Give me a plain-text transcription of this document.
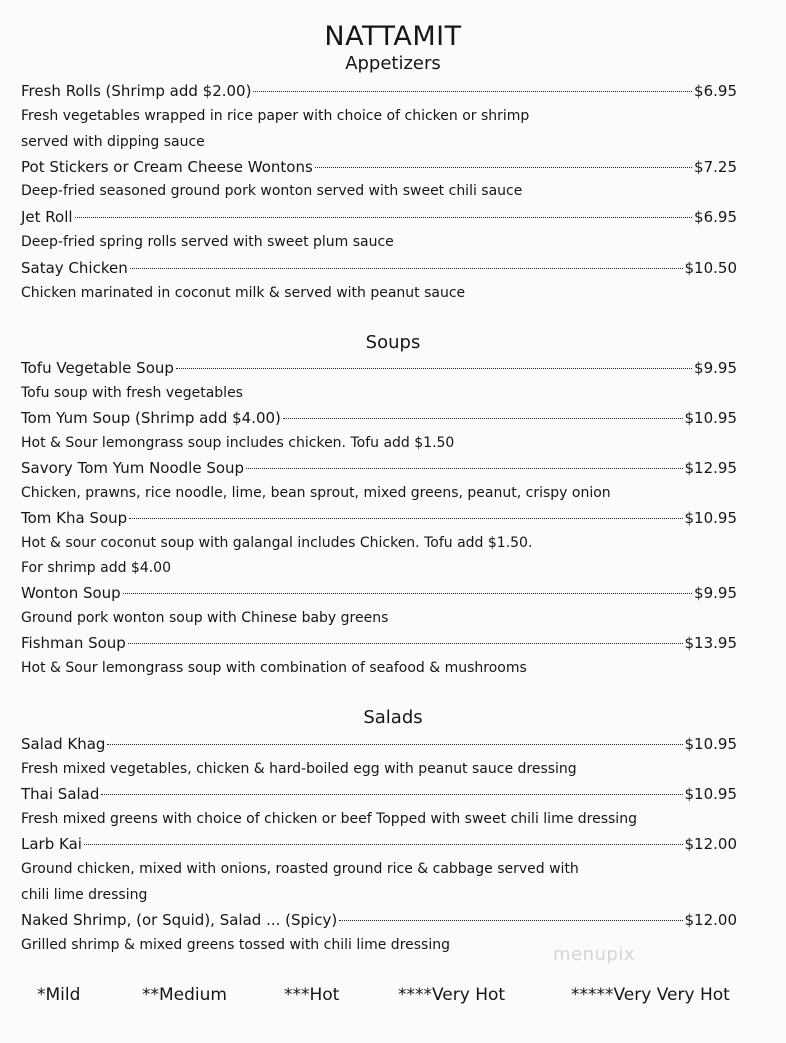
NATTAMIT
Appetizers
Fresh Rolls (Shrimp add $2.00)	$6.95
Fresh vegetables wrapped in rice paper with choice of chicken or shrimp
served with dipping sauce
Pot Stickers or Cream Cheese Wontons	$7.25
Deep-fried seasoned ground pork wonton served with sweet chili sauce
Jet Roll	$6.95
Deep-fried spring rolls served with sweet plum sauce
Satay Chicken	$10.50
Chicken marinated in coconut milk & served with peanut sauce
Soups
Tofu Vegetable Soup	$9.95
Tofu soup with fresh vegetables
Tom Yum Soup (Shrimp add $4.00)	$10.95
Hot & Sour lemongrass soup includes chicken. Tofu add $1.50
Savory Tom Yum Noodle Soup	$12.95
Chicken, prawns, rice noodle, lime, bean sprout, mixed greens, peanut, crispy onion
Tom Kha Soup	$10.95
Hot & sour coconut soup with galangal includes Chicken. Tofu add $1.50.
For shrimp add $4.00
Wonton Soup	$9.95
Ground pork wonton soup with Chinese baby greens
Fishman Soup	$13.95
Hot & Sour lemongrass soup with combination of seafood & mushrooms
Salads
Salad Khag	$10.95
Fresh mixed vegetables, chicken & hard-boiled egg with peanut sauce dressing
Thai Salad	$10.95
Fresh mixed greens with choice of chicken or beef Topped with sweet chili lime dressing
Larb Kai	$12.00
Ground chicken, mixed with onions, roasted ground rice & cabbage served with
chili lime dressing
Naked Shrimp, (or Squid), Salad ... (Spicy)	$12.00
Grilled shrimp & mixed greens tossed with chili lime dressing	menupix
*Mild	**Medium	***Hot	****Very Hot	*****Very Very Hot
